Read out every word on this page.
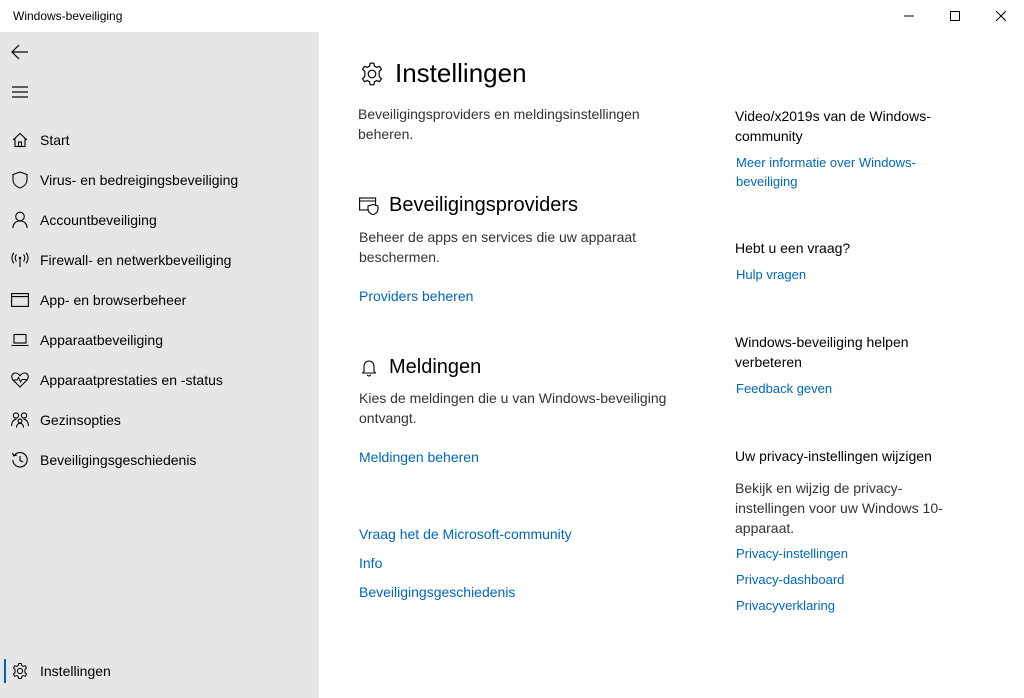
Windows-beveiliging
Start
Virus- en bedreigingsbeveiliging
Accountbeveiliging
Firewall- en netwerkbeveiliging
App- en browserbeheer
Apparaatbeveiliging
Apparaatprestaties en -status
Gezinsopties
Beveiligingsgeschiedenis
Instellingen
Instellingen

Beveiligingsproviders en meldingsinstellingen beheren.

Beveiligingsproviders

Beheer de apps en services die uw apparaat beschermen.

Providers beheren
Meldingen

Kies de meldingen die u van Windows-beveiliging ontvangt.

Meldingen beheren
Vraag het de Microsoft-community
Info
Beveiligingsgeschiedenis

Video/x2019s van de Windows-community

Meer informatie over Windows-beveiliging

Hebt u een vraag?

Hulp vragen

Windows-beveiliging helpen verbeteren

Feedback geven

Uw privacy-instellingen wijzigen

Bekijk en wijzig de privacy-instellingen voor uw Windows 10-apparaat.

Privacy-instellingen
Privacy-dashboard
Privacyverklaring
